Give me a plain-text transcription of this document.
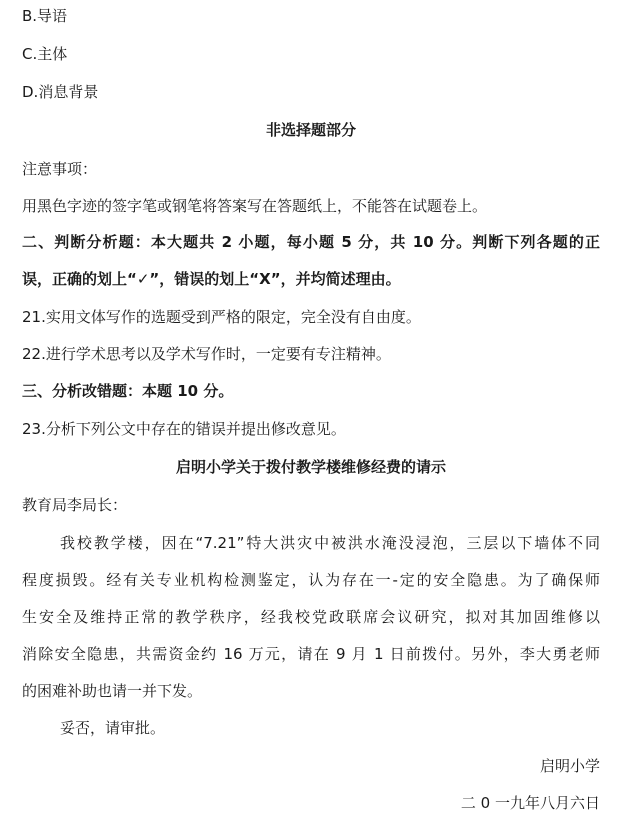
B.导语
C.主体
D.消息背景
非选择题部分
注意事项：
用黑色字迹的签字笔或钢笔将答案写在答题纸上，不能答在试题卷上。
二、判断分析题：本大题共 2 小题，每小题 5 分，共 10 分。判断下列各题的正
误，正确的划上“✓”，错误的划上“X”，并均简述理由。
21.实用文体写作的选题受到严格的限定，完全没有自由度。
22.进行学术思考以及学术写作时，一定要有专注精神。
三、分析改错题：本题 10 分。
23.分析下列公文中存在的错误并提出修改意见。
启明小学关于拨付教学楼维修经费的请示
教育局李局长：
我校教学楼，因在“7.21”特大洪灾中被洪水淹没浸泡，三层以下墙体不同
程度损毁。经有关专业机构检测鉴定，认为存在一-定的安全隐患。为了确保师
生安全及维持正常的教学秩序，经我校党政联席会议研究，拟对其加固维修以
消除安全隐患，共需资金约 16 万元，请在 9 月 1 日前拨付。另外，李大勇老师
的困难补助也请一并下发。
妥否，请审批。
启明小学
二 0 一九年八月六日
